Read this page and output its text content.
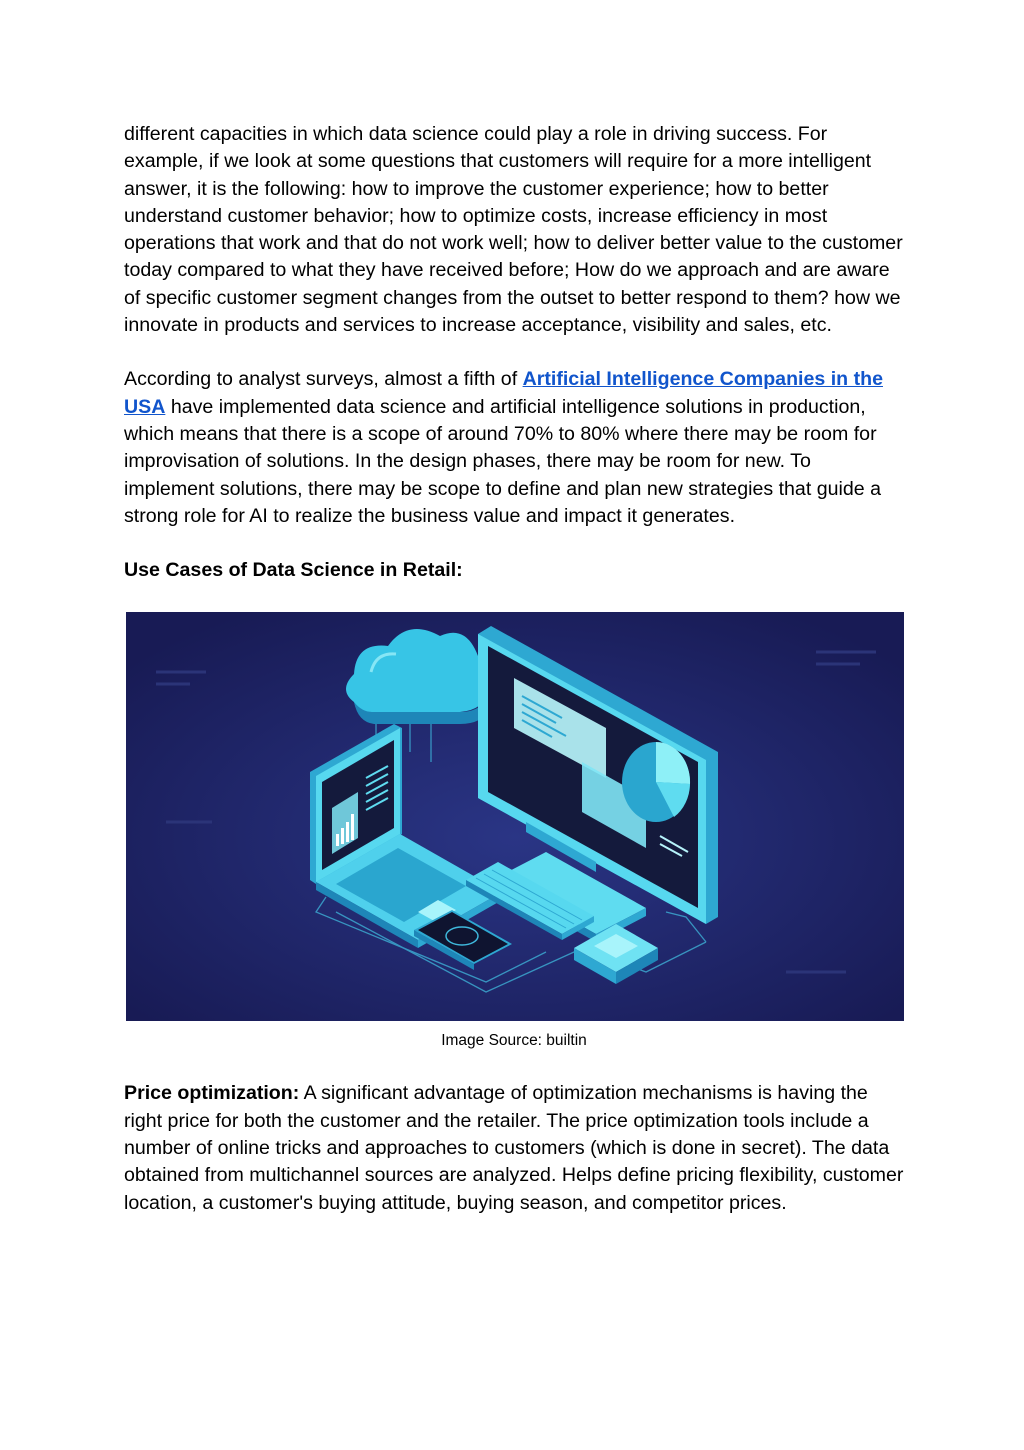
different capacities in which data science could play a role in driving success. For example, if we look at some questions that customers will require for a more intelligent answer, it is the following: how to improve the customer experience; how to better understand customer behavior; how to optimize costs, increase efficiency in most operations that work and that do not work well; how to deliver better value to the customer today compared to what they have received before; How do we approach and are aware of specific customer segment changes from the outset to better respond to them? how we innovate in products and services to increase acceptance, visibility and sales, etc.

According to analyst surveys, almost a fifth of Artificial Intelligence Companies in the USA have implemented data science and artificial intelligence solutions in production, which means that there is a scope of around 70% to 80% where there may be room for improvisation of solutions. In the design phases, there may be room for new. To implement solutions, there may be scope to define and plan new strategies that guide a strong role for AI to realize the business value and impact it generates.

Use Cases of Data Science in Retail:

Image Source: builtin

Price optimization: A significant advantage of optimization mechanisms is having the right price for both the customer and the retailer. The price optimization tools include a number of online tricks and approaches to customers (which is done in secret). The data obtained from multichannel sources are analyzed. Helps define pricing flexibility, customer location, a customer's buying attitude, buying season, and competitor prices.
